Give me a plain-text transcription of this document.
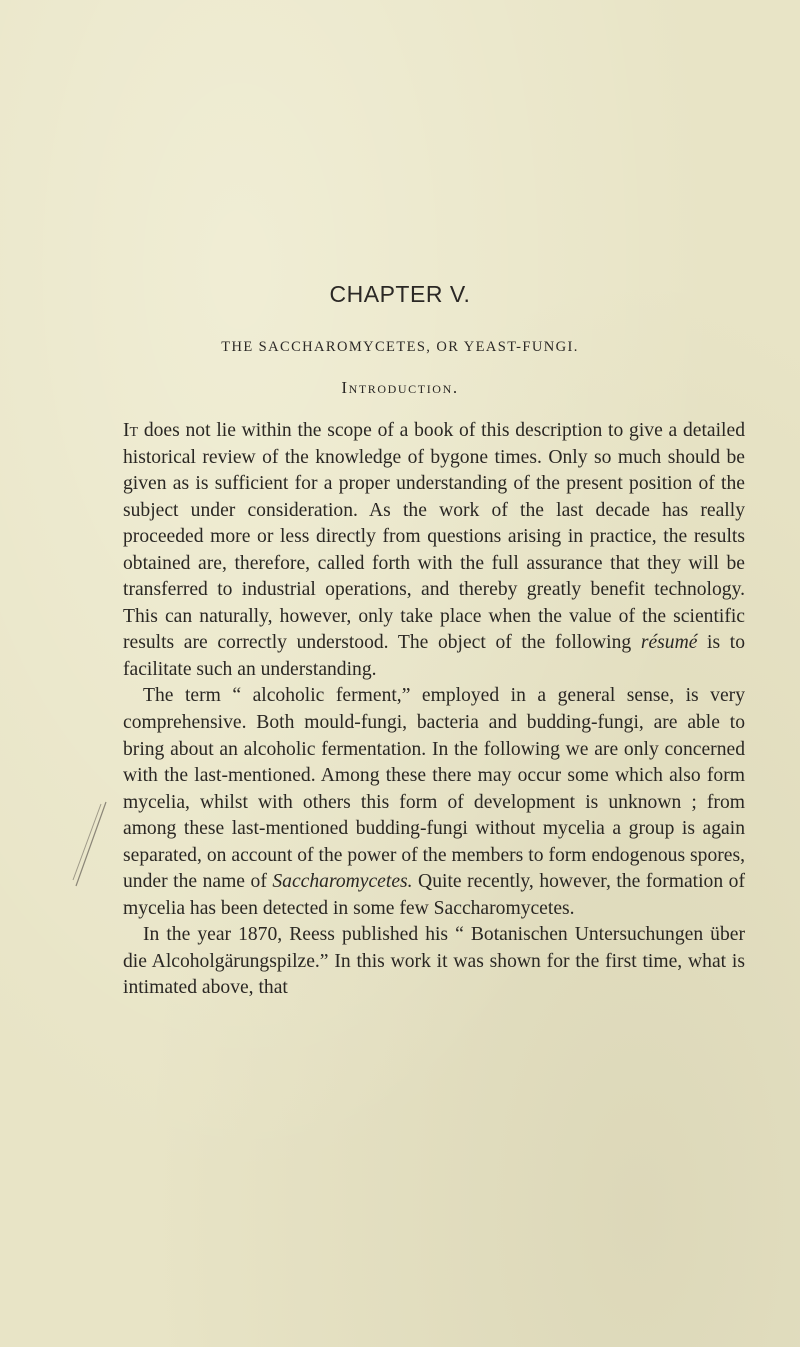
CHAPTER V.
THE SACCHAROMYCETES, OR YEAST-FUNGI.
Introduction.

It does not lie within the scope of a book of this description to give a detailed historical review of the knowledge of bygone times. Only so much should be given as is sufficient for a proper understanding of the present position of the subject under consideration. As the work of the last decade has really proceeded more or less directly from questions arising in practice, the results obtained are, therefore, called forth with the full assurance that they will be transferred to industrial operations, and thereby greatly benefit technology. This can naturally, however, only take place when the value of the scientific results are correctly understood. The object of the following résumé is to facilitate such an understanding.

The term “ alcoholic ferment,” employed in a general sense, is very comprehensive. Both mould-fungi, bacteria and budding-fungi, are able to bring about an alcoholic fermentation. In the following we are only concerned with the last-mentioned. Among these there may occur some which also form mycelia, whilst with others this form of development is unknown ; from among these last-mentioned budding-fungi without mycelia a group is again separated, on account of the power of the members to form endogenous spores, under the name of Saccharomycetes. Quite recently, however, the formation of mycelia has been detected in some few Saccharomycetes.

In the year 1870, Reess published his “ Botanischen Untersuchungen über die Alcoholgärungspilze.” In this work it was shown for the first time, what is intimated above, that
